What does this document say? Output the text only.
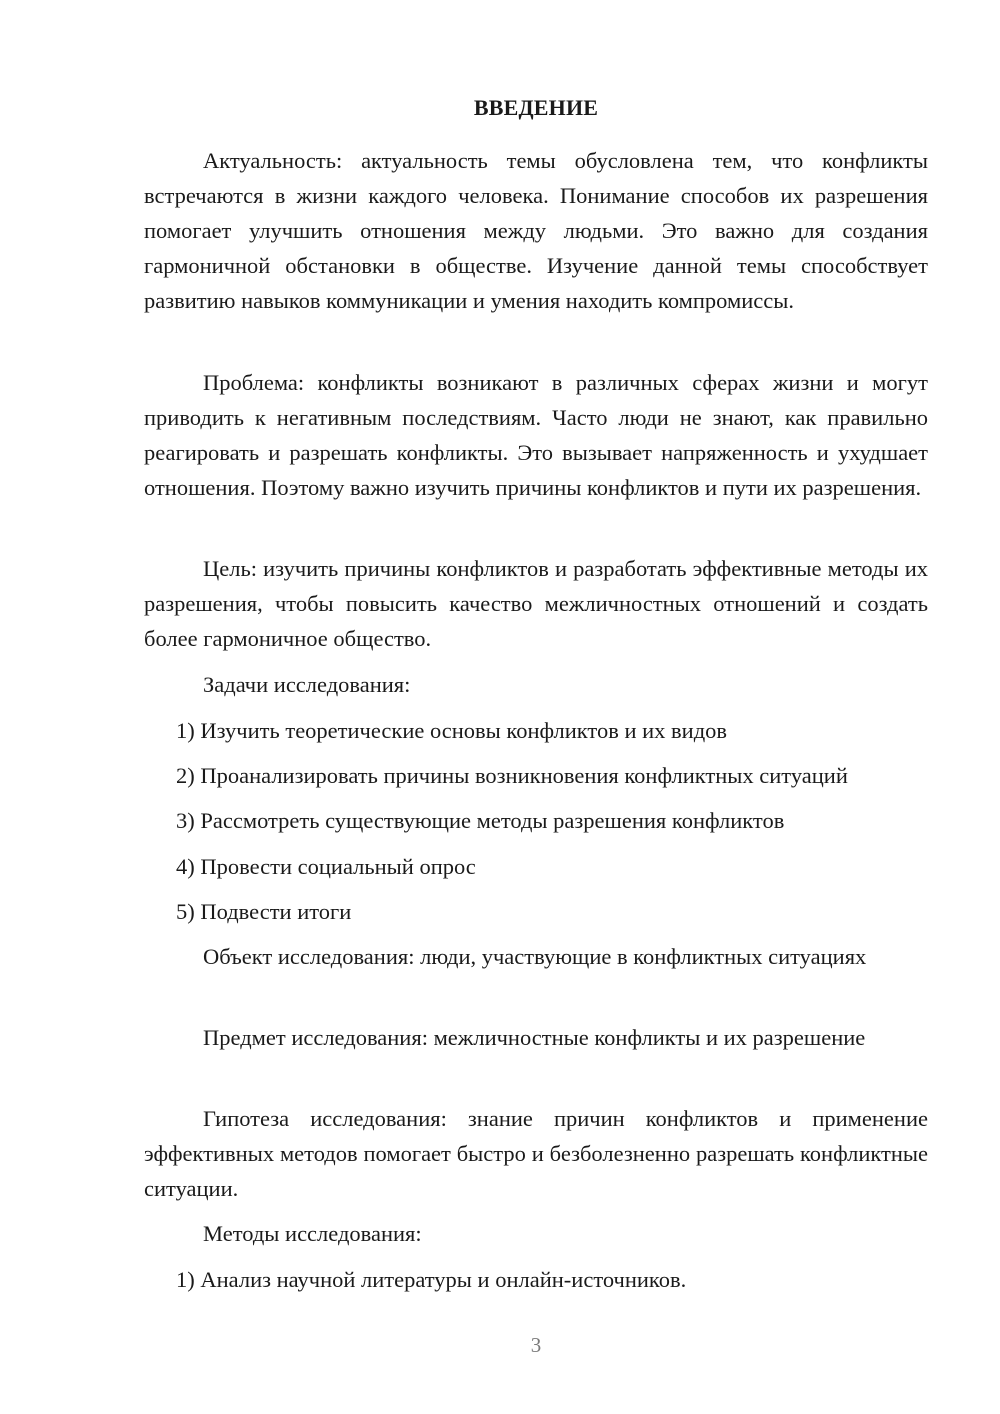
ВВЕДЕНИЕ

Актуальность: актуальность темы обусловлена тем, что конфликты встречаются в жизни каждого человека. Понимание способов их разрешения помогает улучшить отношения между людьми. Это важно для создания гармоничной обстановки в обществе. Изучение данной темы способствует развитию навыков коммуникации и умения находить компромиссы.

Проблема: конфликты возникают в различных сферах жизни и могут приводить к негативным последствиям. Часто люди не знают, как правильно реагировать и разрешать конфликты. Это вызывает напряженность и ухудшает отношения. Поэтому важно изучить причины конфликтов и пути их разрешения.

Цель: изучить причины конфликтов и разработать эффективные методы их разрешения, чтобы повысить качество межличностных отношений и создать более гармоничное общество.

Задачи исследования:

1) Изучить теоретические основы конфликтов и их видов

2) Проанализировать причины возникновения конфликтных ситуаций

3) Рассмотреть существующие методы разрешения конфликтов

4) Провести социальный опрос

5) Подвести итоги

Объект исследования: люди, участвующие в конфликтных ситуациях

Предмет исследования: межличностные конфликты и их разрешение

Гипотеза исследования: знание причин конфликтов и применение эффективных методов помогает быстро и безболезненно разрешать конфликтные ситуации.

Методы исследования:

1) Анализ научной литературы и онлайн-источников.

3
